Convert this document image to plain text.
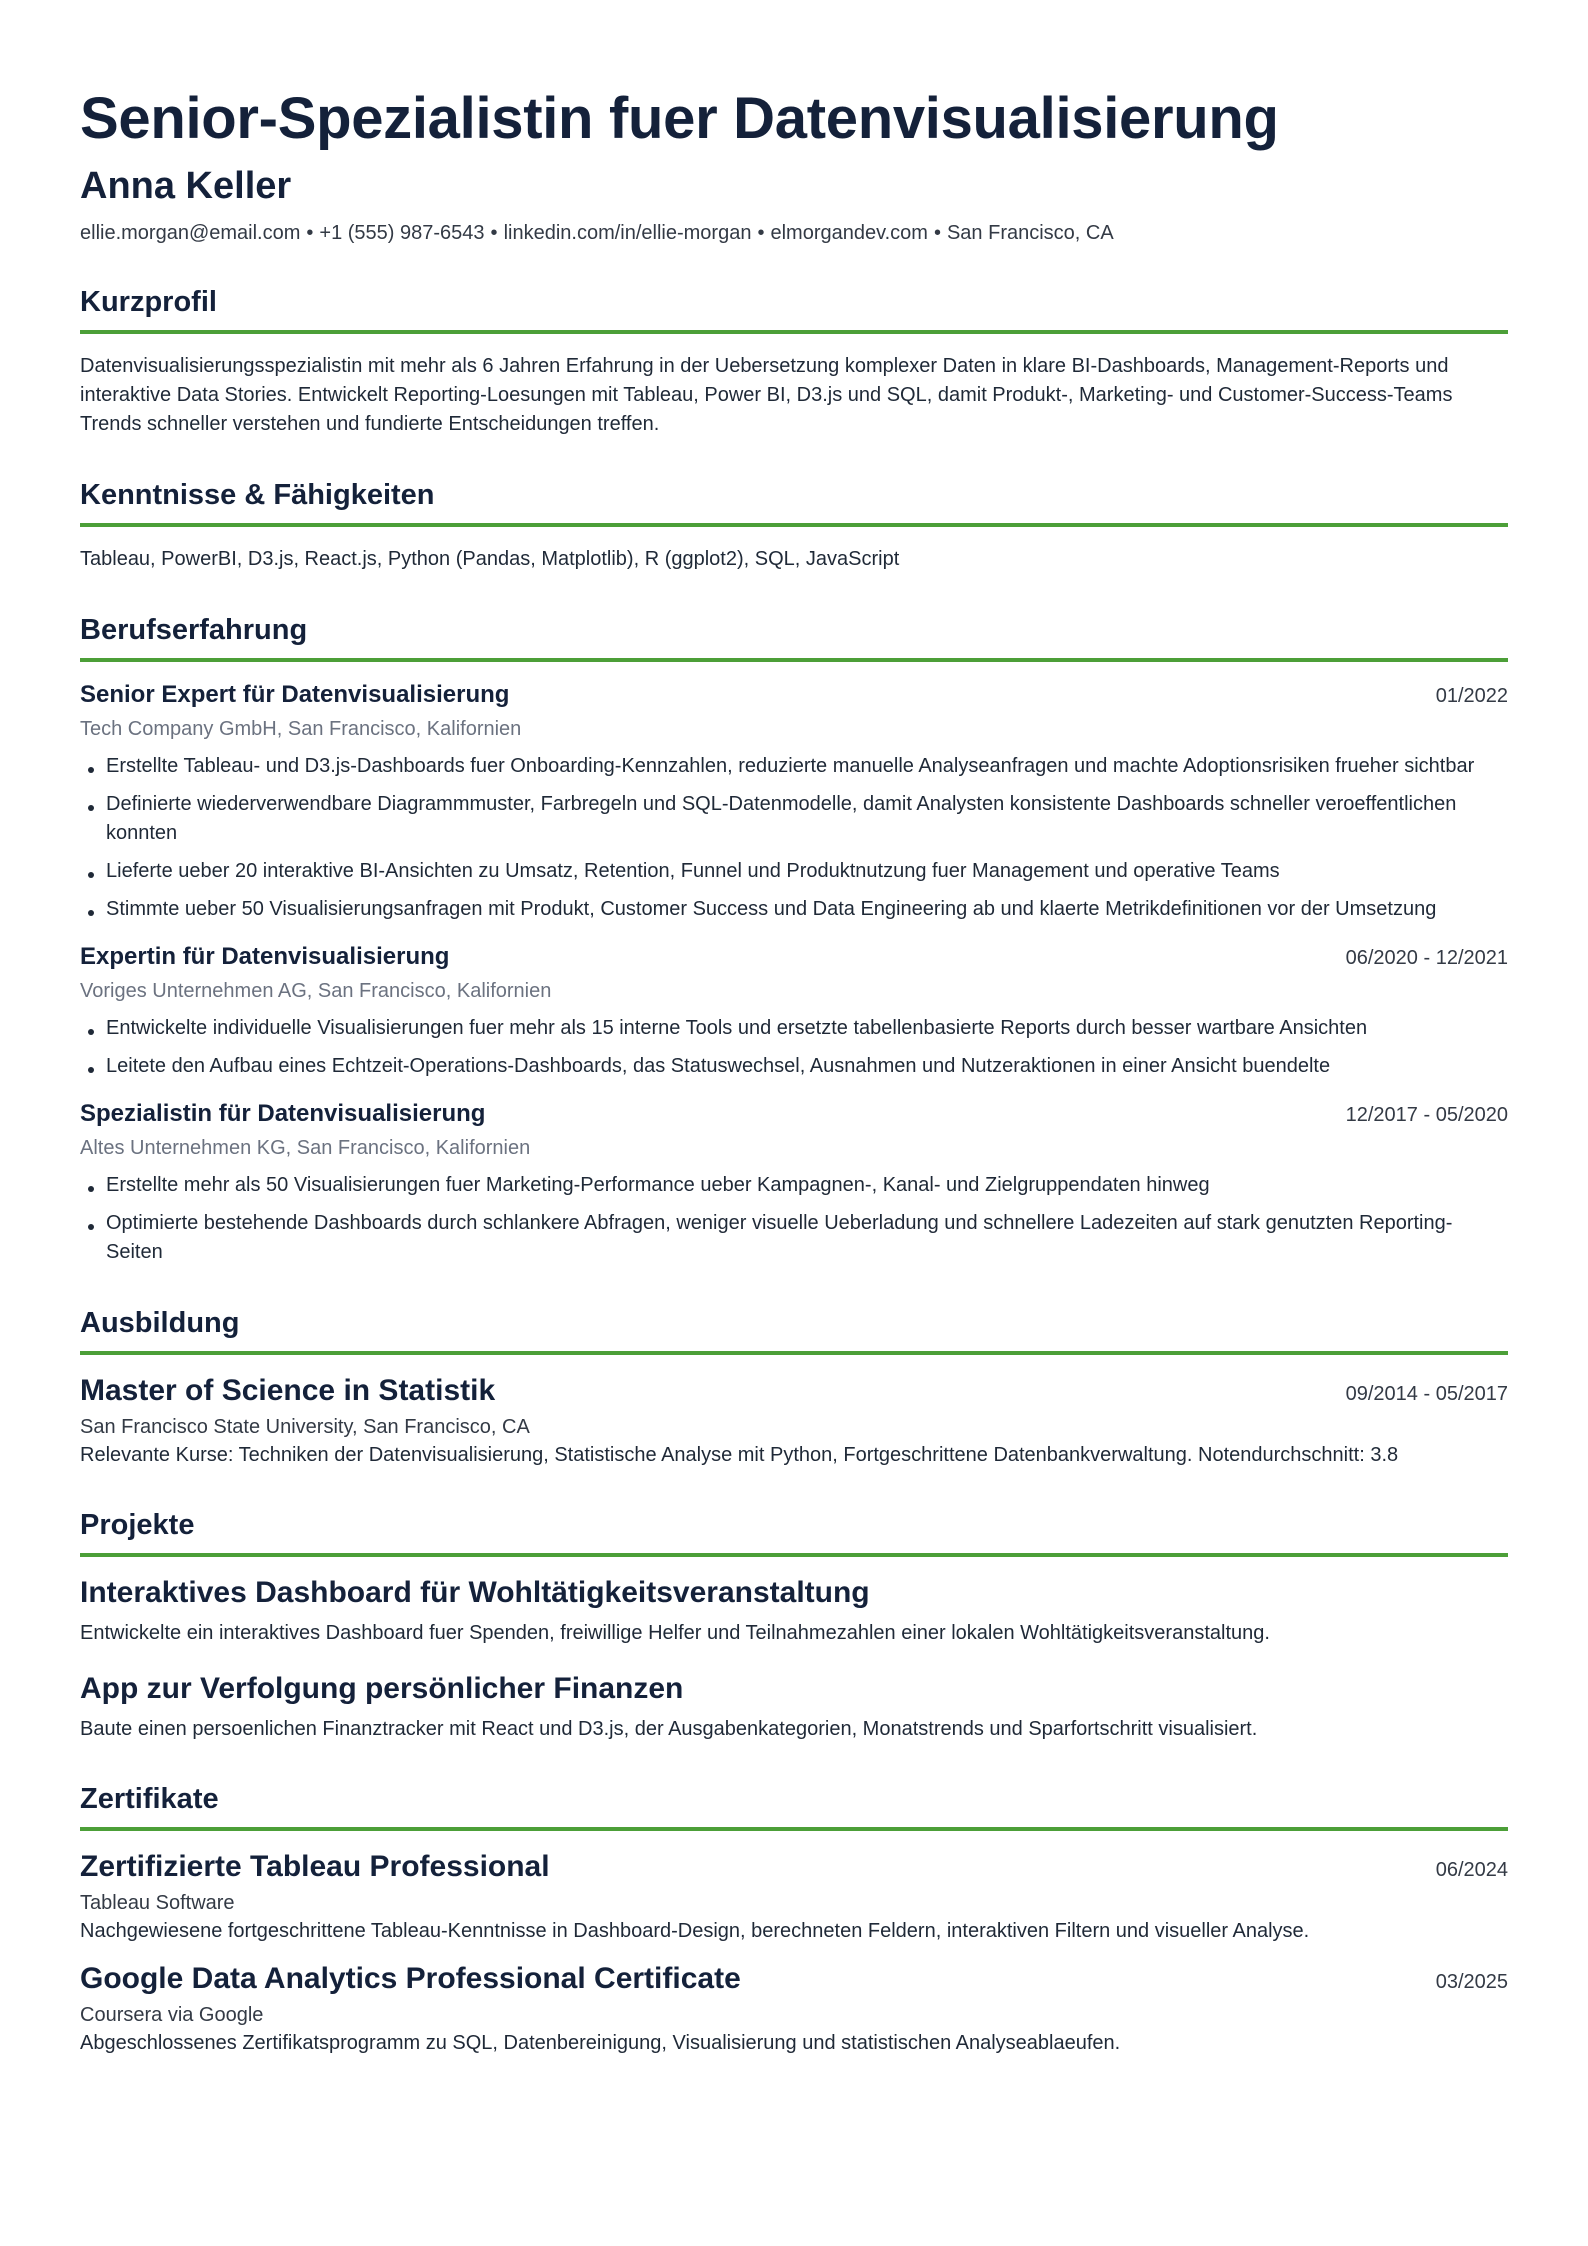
Senior-Spezialistin fuer Datenvisualisierung
Anna Keller
ellie.morgan@email.com • +1 (555) 987-6543 • linkedin.com/in/ellie-morgan • elmorgandev.com • San Francisco, CA
Kurzprofil
Datenvisualisierungsspezialistin mit mehr als 6 Jahren Erfahrung in der Uebersetzung komplexer Daten in klare BI-Dashboards, Management-Reports und interaktive Data Stories. Entwickelt Reporting-Loesungen mit Tableau, Power BI, D3.js und SQL, damit Produkt-, Marketing- und Customer-Success-Teams Trends schneller verstehen und fundierte Entscheidungen treffen.
Kenntnisse & Fähigkeiten
Tableau, PowerBI, D3.js, React.js, Python (Pandas, Matplotlib), R (ggplot2), SQL, JavaScript
Berufserfahrung
Senior Expert für Datenvisualisierung	01/2022
Tech Company GmbH, San Francisco, Kalifornien
Erstellte Tableau- und D3.js-Dashboards fuer Onboarding-Kennzahlen, reduzierte manuelle Analyseanfragen und machte Adoptionsrisiken frueher sichtbar
Definierte wiederverwendbare Diagrammmuster, Farbregeln und SQL-Datenmodelle, damit Analysten konsistente Dashboards schneller veroeffentlichen konnten
Lieferte ueber 20 interaktive BI-Ansichten zu Umsatz, Retention, Funnel und Produktnutzung fuer Management und operative Teams
Stimmte ueber 50 Visualisierungsanfragen mit Produkt, Customer Success und Data Engineering ab und klaerte Metrikdefinitionen vor der Umsetzung
Expertin für Datenvisualisierung	06/2020 - 12/2021
Voriges Unternehmen AG, San Francisco, Kalifornien
Entwickelte individuelle Visualisierungen fuer mehr als 15 interne Tools und ersetzte tabellenbasierte Reports durch besser wartbare Ansichten
Leitete den Aufbau eines Echtzeit-Operations-Dashboards, das Statuswechsel, Ausnahmen und Nutzeraktionen in einer Ansicht buendelte
Spezialistin für Datenvisualisierung	12/2017 - 05/2020
Altes Unternehmen KG, San Francisco, Kalifornien
Erstellte mehr als 50 Visualisierungen fuer Marketing-Performance ueber Kampagnen-, Kanal- und Zielgruppendaten hinweg
Optimierte bestehende Dashboards durch schlankere Abfragen, weniger visuelle Ueberladung und schnellere Ladezeiten auf stark genutzten Reporting-Seiten
Ausbildung
Master of Science in Statistik	09/2014 - 05/2017
San Francisco State University, San Francisco, CA
Relevante Kurse: Techniken der Datenvisualisierung, Statistische Analyse mit Python, Fortgeschrittene Datenbankverwaltung. Notendurchschnitt: 3.8
Projekte
Interaktives Dashboard für Wohltätigkeitsveranstaltung
Entwickelte ein interaktives Dashboard fuer Spenden, freiwillige Helfer und Teilnahmezahlen einer lokalen Wohltätigkeitsveranstaltung.
App zur Verfolgung persönlicher Finanzen
Baute einen persoenlichen Finanztracker mit React und D3.js, der Ausgabenkategorien, Monatstrends und Sparfortschritt visualisiert.
Zertifikate
Zertifizierte Tableau Professional	06/2024
Tableau Software
Nachgewiesene fortgeschrittene Tableau-Kenntnisse in Dashboard-Design, berechneten Feldern, interaktiven Filtern und visueller Analyse.
Google Data Analytics Professional Certificate	03/2025
Coursera via Google
Abgeschlossenes Zertifikatsprogramm zu SQL, Datenbereinigung, Visualisierung und statistischen Analyseablaeufen.
